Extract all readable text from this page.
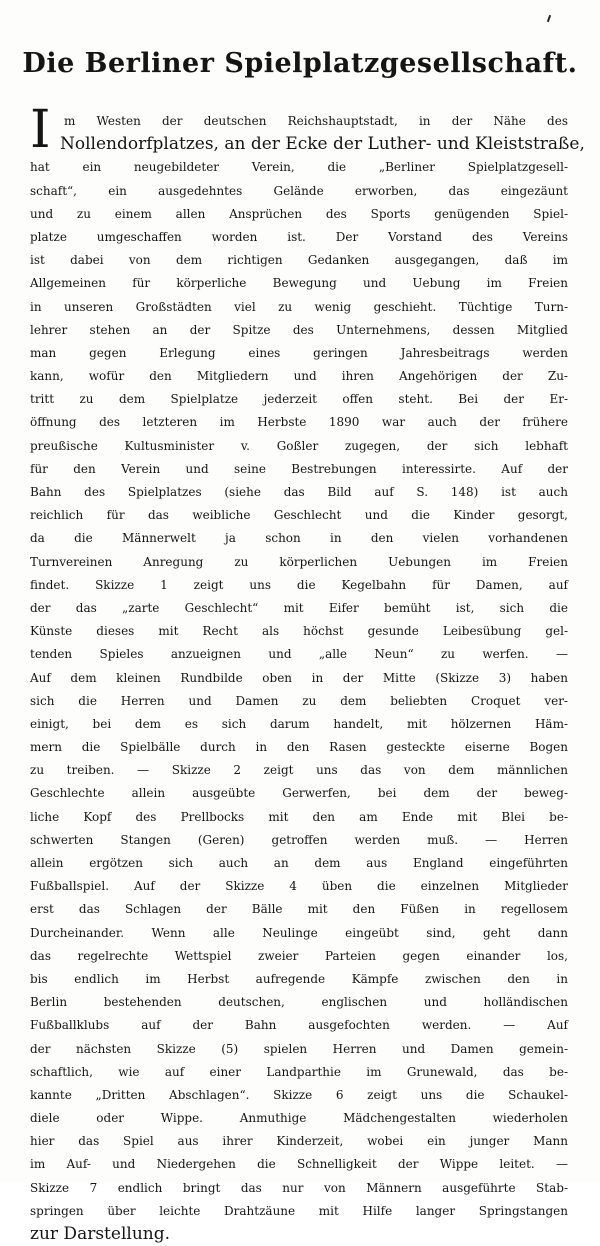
Die Berliner Spielplatzgesellschaft.
I m Westen der deutschen Reichshauptstadt, in der Nähe des
Nollendorfplatzes, an der Ecke der Luther- und Kleiststraße,
hat ein neugebildeter Verein, die „Berliner Spielplatzgesell-
schaft“, ein ausgedehntes Gelände erworben, das eingezäunt
und zu einem allen Ansprüchen des Sports genügenden Spiel-
platze umgeschaffen worden ist. Der Vorstand des Vereins
ist dabei von dem richtigen Gedanken ausgegangen, daß im
Allgemeinen für körperliche Bewegung und Uebung im Freien
in unseren Großstädten viel zu wenig geschieht. Tüchtige Turn-
lehrer stehen an der Spitze des Unternehmens, dessen Mitglied
man gegen Erlegung eines geringen Jahresbeitrags werden
kann, wofür den Mitgliedern und ihren Angehörigen der Zu-
tritt zu dem Spielplatze jederzeit offen steht. Bei der Er-
öffnung des letzteren im Herbste 1890 war auch der frühere
preußische Kultusminister v. Goßler zugegen, der sich lebhaft
für den Verein und seine Bestrebungen interessirte. Auf der
Bahn des Spielplatzes (siehe das Bild auf S. 148) ist auch
reichlich für das weibliche Geschlecht und die Kinder gesorgt,
da die Männerwelt ja schon in den vielen vorhandenen
Turnvereinen Anregung zu körperlichen Uebungen im Freien
findet. Skizze 1 zeigt uns die Kegelbahn für Damen, auf
der das „zarte Geschlecht“ mit Eifer bemüht ist, sich die
Künste dieses mit Recht als höchst gesunde Leibesübung gel-
tenden Spieles anzueignen und „alle Neun“ zu werfen. —
Auf dem kleinen Rundbilde oben in der Mitte (Skizze 3) haben
sich die Herren und Damen zu dem beliebten Croquet ver-
einigt, bei dem es sich darum handelt, mit hölzernen Häm-
mern die Spielbälle durch in den Rasen gesteckte eiserne Bogen
zu treiben. — Skizze 2 zeigt uns das von dem männlichen
Geschlechte allein ausgeübte Gerwerfen, bei dem der beweg-
liche Kopf des Prellbocks mit den am Ende mit Blei be-
schwerten Stangen (Geren) getroffen werden muß. — Herren
allein ergötzen sich auch an dem aus England eingeführten
Fußballspiel. Auf der Skizze 4 üben die einzelnen Mitglieder
erst das Schlagen der Bälle mit den Füßen in regellosem
Durcheinander. Wenn alle Neulinge eingeübt sind, geht dann
das regelrechte Wettspiel zweier Parteien gegen einander los,
bis endlich im Herbst aufregende Kämpfe zwischen den in
Berlin bestehenden deutschen, englischen und holländischen
Fußballklubs auf der Bahn ausgefochten werden. — Auf
der nächsten Skizze (5) spielen Herren und Damen gemein-
schaftlich, wie auf einer Landparthie im Grunewald, das be-
kannte „Dritten Abschlagen“. Skizze 6 zeigt uns die Schaukel-
diele oder Wippe. Anmuthige Mädchengestalten wiederholen
hier das Spiel aus ihrer Kinderzeit, wobei ein junger Mann
im Auf- und Niedergehen die Schnelligkeit der Wippe leitet. —
Skizze 7 endlich bringt das nur von Männern ausgeführte Stab-
springen über leichte Drahtzäune mit Hilfe langer Springstangen
zur Darstellung.
